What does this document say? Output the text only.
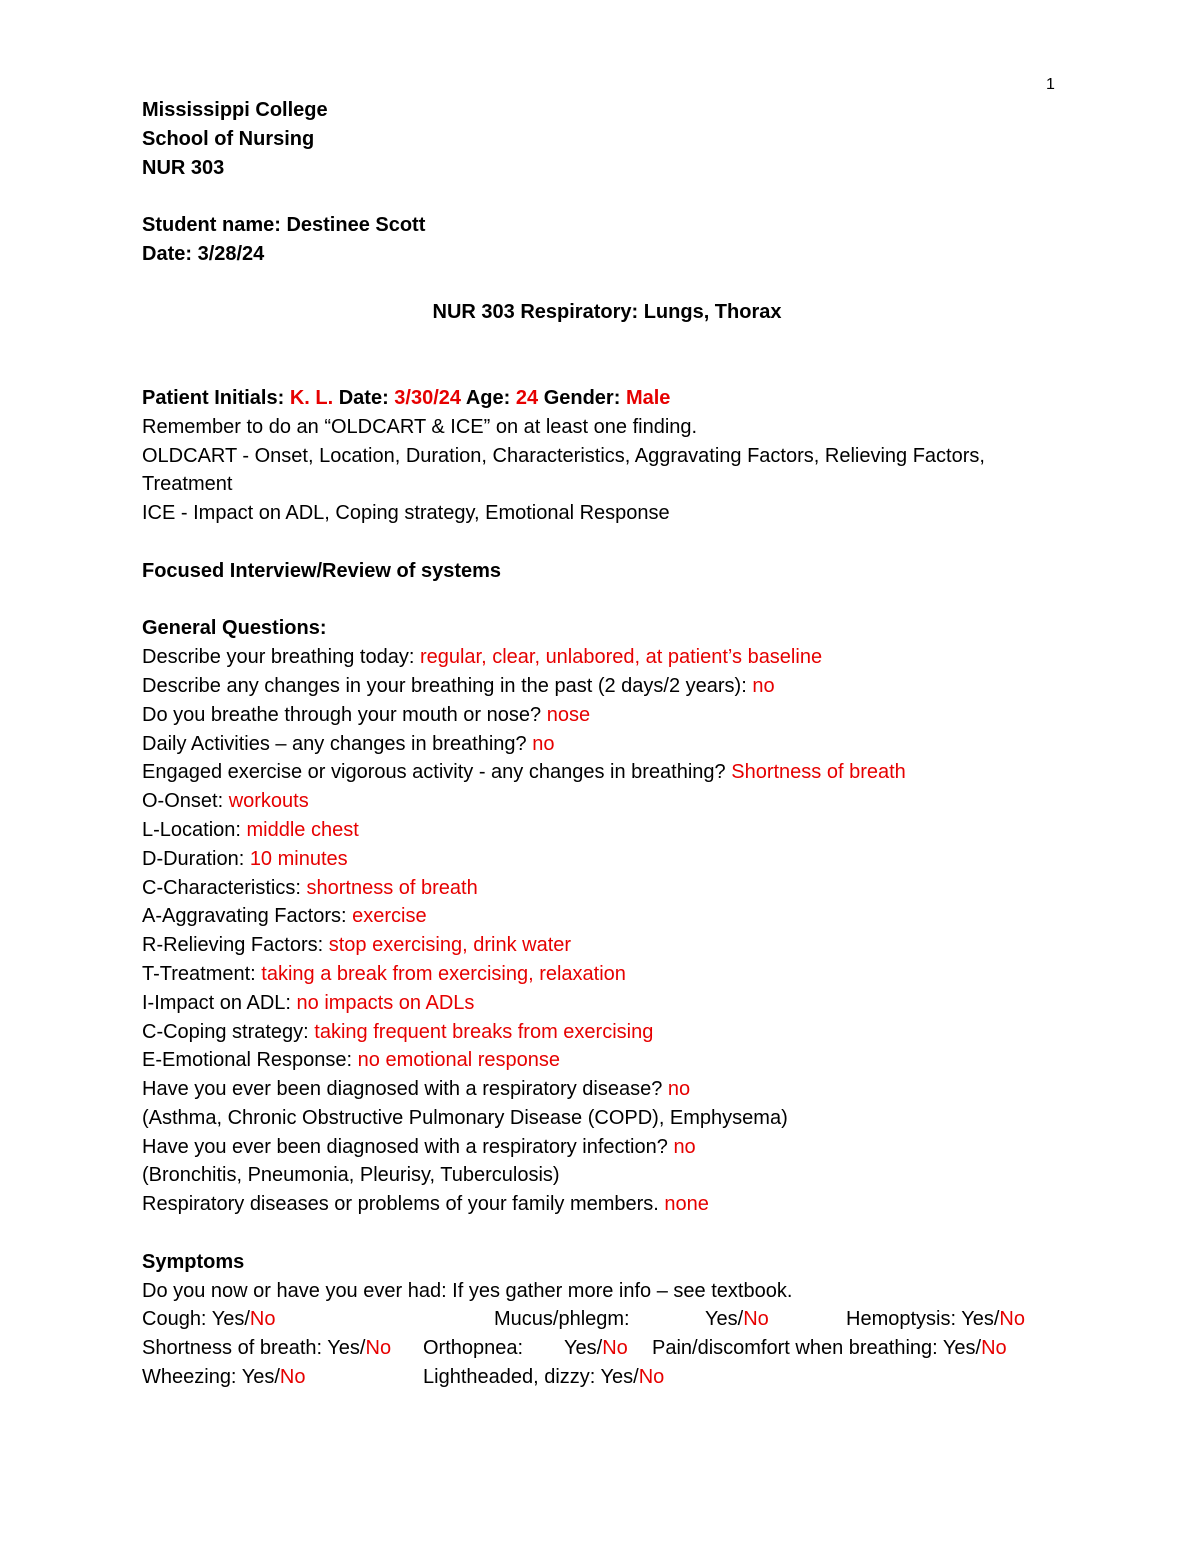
1
Mississippi College
School of Nursing
NUR 303
Student name: Destinee Scott
Date: 3/28/24
NUR 303 Respiratory: Lungs, Thorax
Patient Initials: K. L. Date: 3/30/24 Age: 24 Gender: Male
Remember to do an “OLDCART & ICE” on at least one finding.
OLDCART - Onset, Location, Duration, Characteristics, Aggravating Factors, Relieving Factors, Treatment
ICE - Impact on ADL, Coping strategy, Emotional Response
Focused Interview/Review of systems
General Questions:
Describe your breathing today: regular, clear, unlabored, at patient’s baseline
Describe any changes in your breathing in the past (2 days/2 years): no
Do you breathe through your mouth or nose? nose
Daily Activities – any changes in breathing? no
Engaged exercise or vigorous activity - any changes in breathing? Shortness of breath
O-Onset: workouts
L-Location: middle chest
D-Duration: 10 minutes
C-Characteristics: shortness of breath
A-Aggravating Factors: exercise
R-Relieving Factors: stop exercising, drink water
T-Treatment: taking a break from exercising, relaxation
I-Impact on ADL: no impacts on ADLs
C-Coping strategy: taking frequent breaks from exercising
E-Emotional Response: no emotional response
Have you ever been diagnosed with a respiratory disease? no
(Asthma, Chronic Obstructive Pulmonary Disease (COPD), Emphysema)
Have you ever been diagnosed with a respiratory infection? no
(Bronchitis, Pneumonia, Pleurisy, Tuberculosis)
Respiratory diseases or problems of your family members. none
Symptoms
Do you now or have you ever had: If yes gather more info – see textbook.
Cough: Yes/No	Mucus/phlegm:	Yes/No	Hemoptysis: Yes/No
Shortness of breath: Yes/No Orthopnea: Yes/No Pain/discomfort when breathing: Yes/No
Wheezing: Yes/No	Lightheaded, dizzy: Yes/No
